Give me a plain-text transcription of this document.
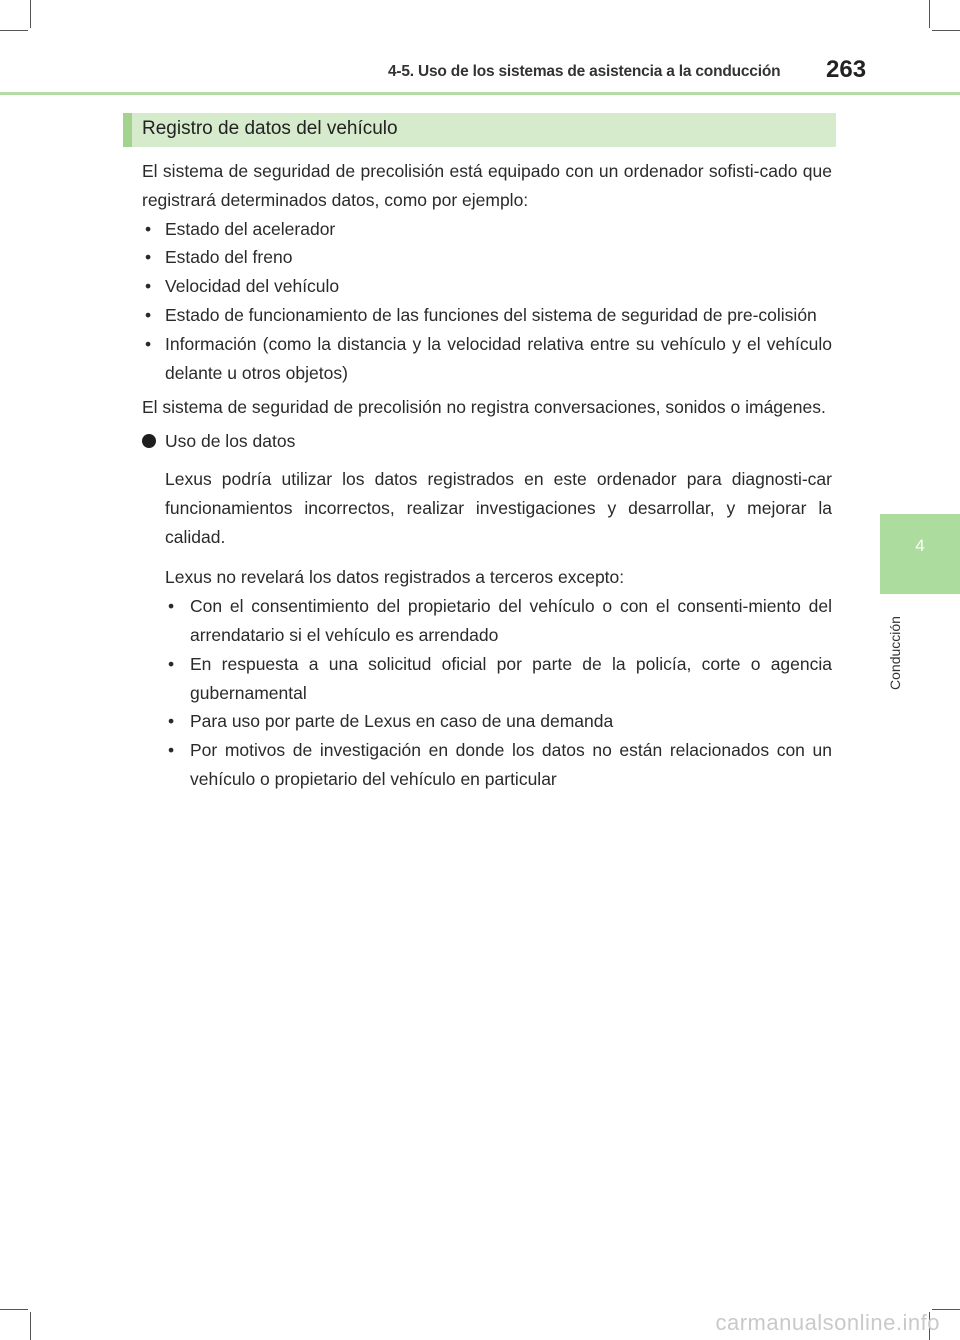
4-5. Uso de los sistemas de asistencia a la conducción 263
4
Conducción
Registro de datos del vehículo

El sistema de seguridad de precolisión está equipado con un ordenador sofisti-cado que registrará determinados datos, como por ejemplo:

• Estado del acelerador
• Estado del freno
• Velocidad del vehículo
• Estado de funcionamiento de las funciones del sistema de seguridad de pre-colisión
• Información (como la distancia y la velocidad relativa entre su vehículo y el vehículo delante u otros objetos)

El sistema de seguridad de precolisión no registra conversaciones, sonidos o imágenes.

Uso de los datos

Lexus podría utilizar los datos registrados en este ordenador para diagnosti-car funcionamientos incorrectos, realizar investigaciones y desarrollar, y mejorar la calidad.

Lexus no revelará los datos registrados a terceros excepto:

• Con el consentimiento del propietario del vehículo o con el consenti-miento del arrendatario si el vehículo es arrendado
• En respuesta a una solicitud oficial por parte de la policía, corte o agencia gubernamental
• Para uso por parte de Lexus en caso de una demanda
• Por motivos de investigación en donde los datos no están relacionados con un vehículo o propietario del vehículo en particular
carmanualsonline.info
